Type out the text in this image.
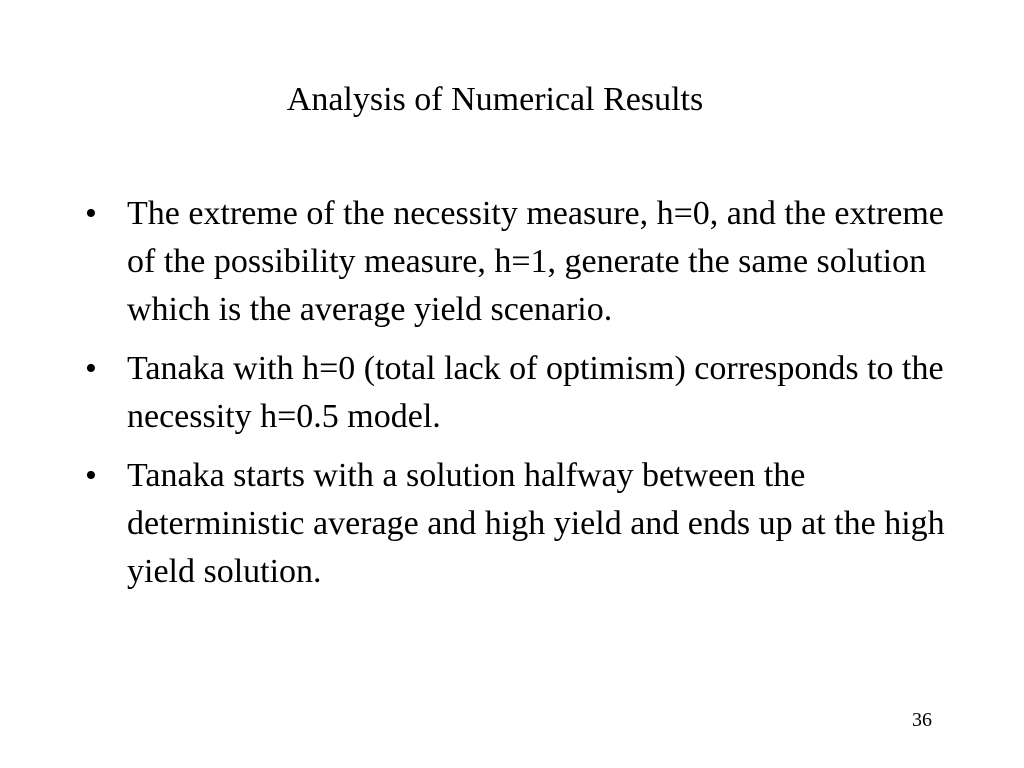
Analysis of Numerical Results
• The extreme of the necessity measure, h=0, and the extreme of the possibility measure, h=1, generate the same solution which is the average yield scenario.
• Tanaka with h=0 (total lack of optimism) corresponds to the necessity h=0.5 model.
• Tanaka starts with a solution halfway between the deterministic average and high yield and ends up at the high yield solution.
36
